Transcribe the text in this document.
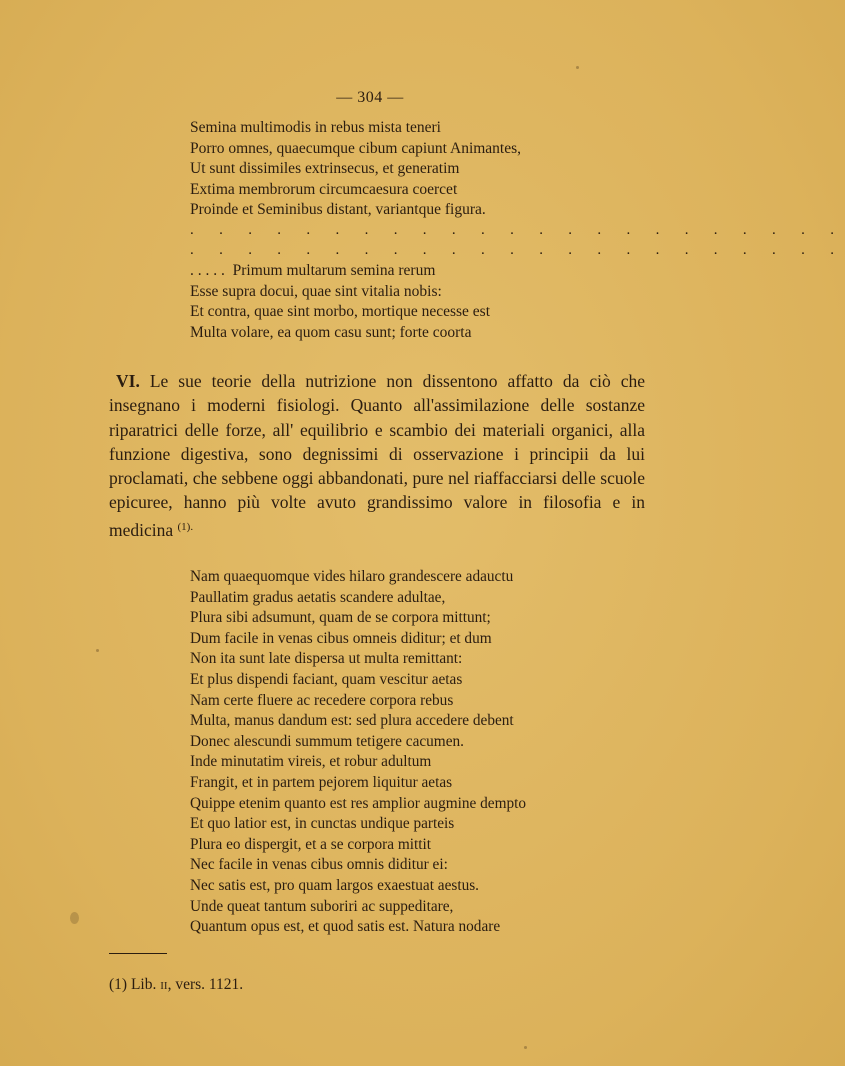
— 304 —
Semina multimodis in rebus mista teneri
Porro omnes, quaecumque cibum capiunt Animantes,
Ut sunt dissimiles extrinsecus, et generatim
Extima membrorum circumcaesura coercet
Proinde et Seminibus distant, variantque figura.
. . . . . . . . . . . . . . . . . . . . . . .
. . . . . . . . . . . . . . . . . . . . . . .
. . . . .  Primum multarum semina rerum
Esse supra docui, quae sint vitalia nobis:
Et contra, quae sint morbo, mortique necesse est
Multa volare, ea quom casu sunt; forte coorta

VI. Le sue teorie della nutrizione non dissentono affatto da ciò che insegnano i moderni fisiologi. Quanto all'assimilazione delle sostanze riparatrici delle forze, all' equilibrio e scambio dei materiali organici, alla funzione digestiva, sono degnissimi di osservazione i principii da lui proclamati, che sebbene oggi abbandonati, pure nel riaffacciarsi delle scuole epicuree, hanno più volte avuto grandissimo valore in filosofia e in medicina $^{(1).}$

Nam quaequomque vides hilaro grandescere adauctu
Paullatim gradus aetatis scandere adultae,
Plura sibi adsumunt, quam de se corpora mittunt;
Dum facile in venas cibus omneis diditur; et dum
Non ita sunt late dispersa ut multa remittant:
Et plus dispendi faciant, quam vescitur aetas
Nam certe fluere ac recedere corpora rebus
Multa, manus dandum est: sed plura accedere debent
Donec alescundi summum tetigere cacumen.
Inde minutatim vireis, et robur adultum
Frangit, et in partem pejorem liquitur aetas
Quippe etenim quanto est res amplior augmine dempto
Et quo latior est, in cunctas undique parteis
Plura eo dispergit, et a se corpora mittit
Nec facile in venas cibus omnis diditur ei:
Nec satis est, pro quam largos exaestuat aestus.
Unde queat tantum suboriri ac suppeditare,
Quantum opus est, et quod satis est. Natura nodare
(1) Lib. ii, vers. 1121.
